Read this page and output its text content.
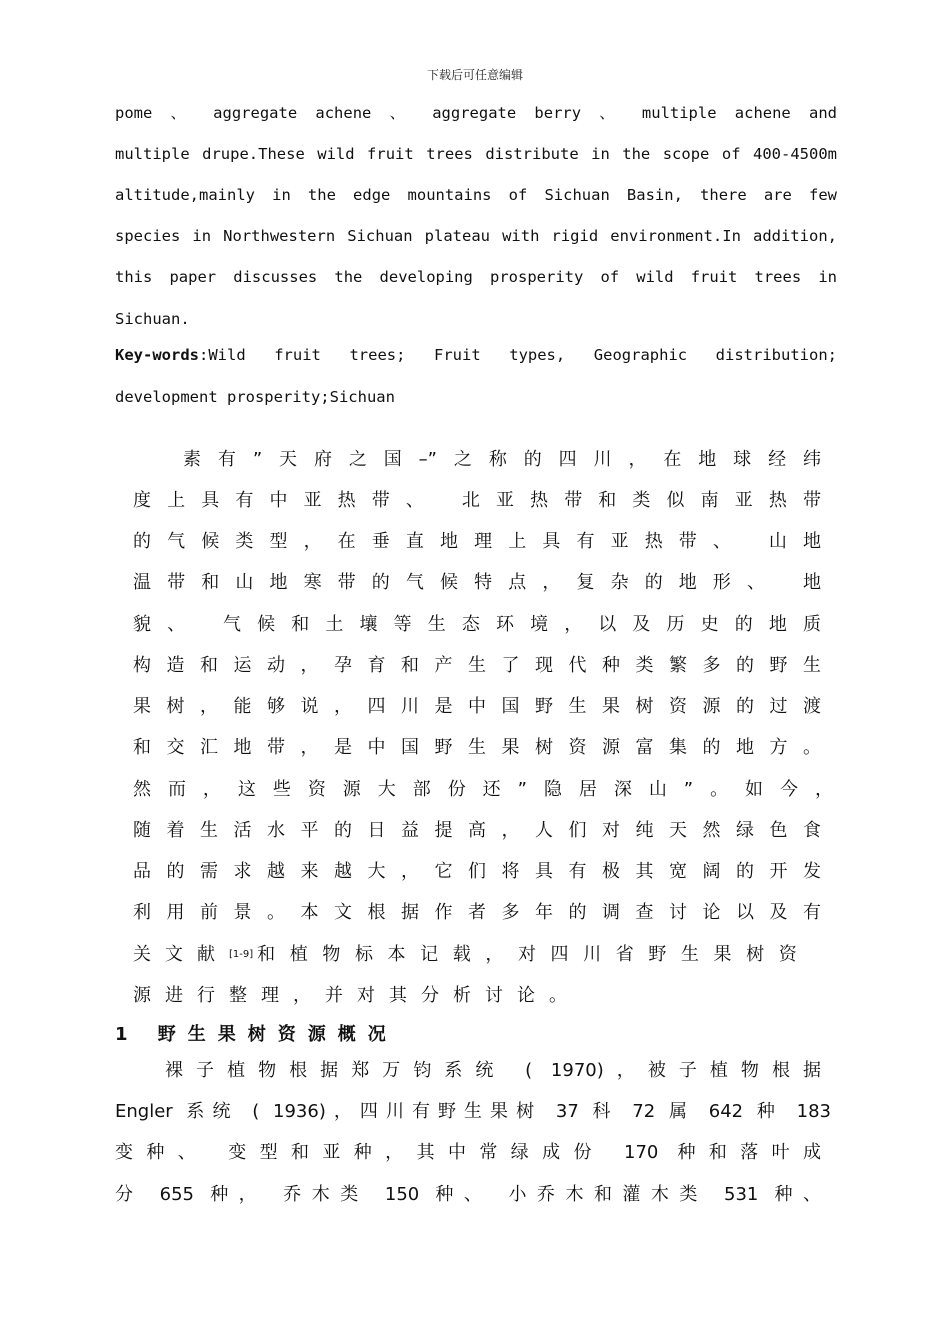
下载后可任意编辑
pome 、 aggregate achene 、 aggregate berry 、 multiple achene and
multiple drupe.These wild fruit trees distribute in the scope of 400-4500m
altitude,mainly in the edge mountains of Sichuan Basin, there are few
species in Northwestern Sichuan plateau with rigid environment.In addition,
this paper discusses the developing prosperity of wild fruit trees in
Sichuan.
Key-words :Wild fruit trees; Fruit types, Geographic distribution;
development prosperity;Sichuan
素有”天府之国–”之称的四川，在地球经纬
度上具有中亚热带、 北亚热带和类似南亚热带
的气候类型，在垂直地理上具有亚热带、 山地
温带和山地寒带的气候特点，复杂的地形、 地
貌、 气候和土壤等生态环境，以及历史的地质
构造和运动，孕育和产生了现代种类繁多的野生
果树，能够说，四川是中国野生果树资源的过渡
和交汇地带，是中国野生果树资源富集的地方。
然而，这些资源大部份还”隐居深山”。如今，
随着生活水平的日益提高，人们对纯天然绿色食
品的需求越来越大，它们将具有极其宽阔的开发
利用前景。本文根据作者多年的调查讨论以及有
关文献 [1-9] 和植物标本记载，对四川省野生果树资
源进行整理，并对其分析讨论。
1 野生果树资源概况
裸子植物根据郑万钧系统 ( 1970)，被子植物根据
Engler 系统 ( 1936)，四川有野生果树 37 科 72 属 642 种 183
变种、 变型和亚种，其中常绿成份 170 种和落叶成
分 655 种， 乔木类 150 种、 小乔木和灌木类 531 种、
